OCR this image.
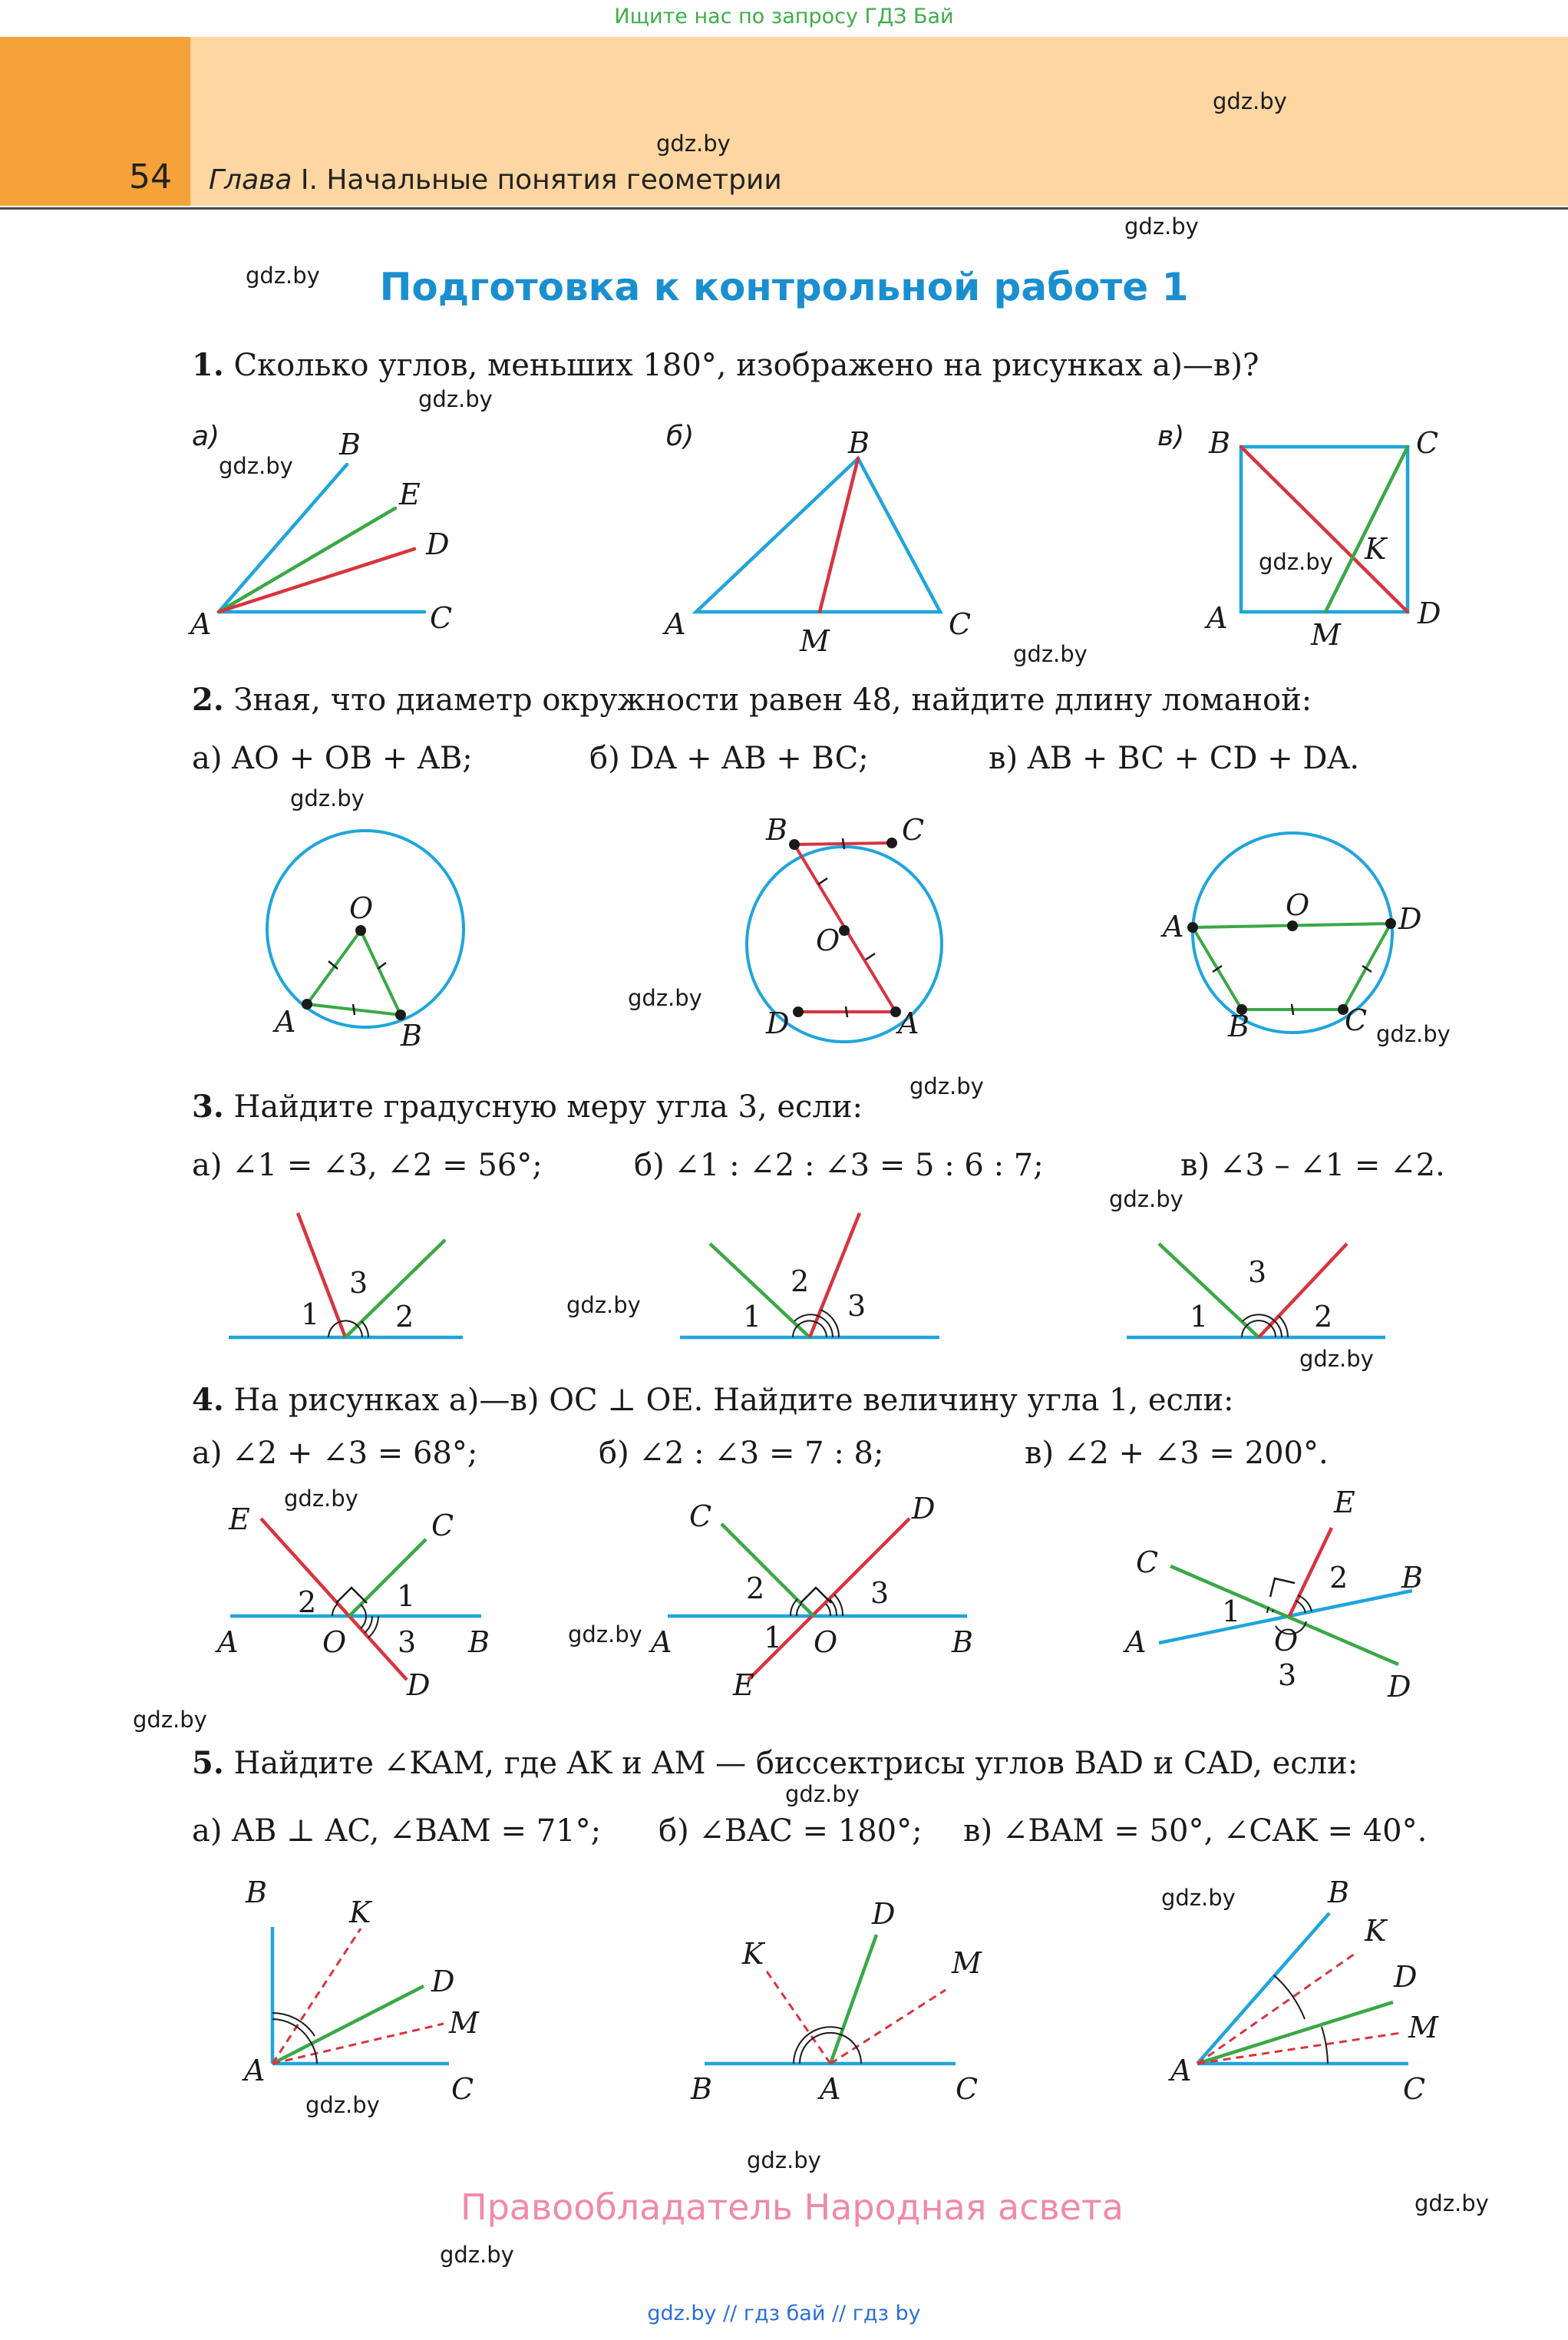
Ищите нас по запросу ГДЗ Бай
54 Глава I. Начальные понятия геометрии
gdz.by
gdz.by
gdz.by
gdz.by
gdz.by
gdz.by
gdz.by
gdz.by
gdz.by
gdz.by
gdz.by
gdz.by
gdz.by
gdz.by
gdz.by
gdz.by
gdz.by
gdz.by
gdz.by
gdz.by
gdz.by
gdz.by
gdz.by
gdz.by
Подготовка к контрольной работе 1
1. Сколько углов, меньших 180°, изображено на рисунках а)—в)?
а)	б)	в)
A
B
E
D
C	A
B
C
M
B	C
A	D
M
K
2. Зная, что диаметр окружности равен 48, найдите длину ломаной:
а) AO + OB + AB;	б) DA + AB + BC;	в) AB + BC + CD + DA.
O
A	B
B	C
O
D	A
A
O	D
B	C
3. Найдите градусную меру угла 3, если:
а) ∠1 = ∠3, ∠2 = 56°;	б) ∠1 : ∠2 : ∠3 = 5 : 6 : 7;	в) ∠3 – ∠1 = ∠2.
1
3
2	1
2
3	1
3
2
4. На рисунках а)—в) OC ⊥ OE. Найдите величину угла 1, если:
а) ∠2 + ∠3 = 68°;	б) ∠2 : ∠3 = 7 : 8;	в) ∠2 + ∠3 = 200°.
A
E	C
O	B
D
2	1
3	A
C	D
O	B
E
2	3
1
C
A
E
B
D
O
1
2
3
5. Найдите ∠KAM, где AK и AM — биссектрисы углов BAD и CAD, если:
а) AB ⊥ AC, ∠BAM = 71°; б) ∠BAC = 180°; в) ∠BAM = 50°, ∠CAK = 40°.
B
K
D
M
A
C
K
D
M
B	A	C
B
K
D
M
A
C
Правообладатель Народная асвета
gdz.by // гдз бай // гдз by
